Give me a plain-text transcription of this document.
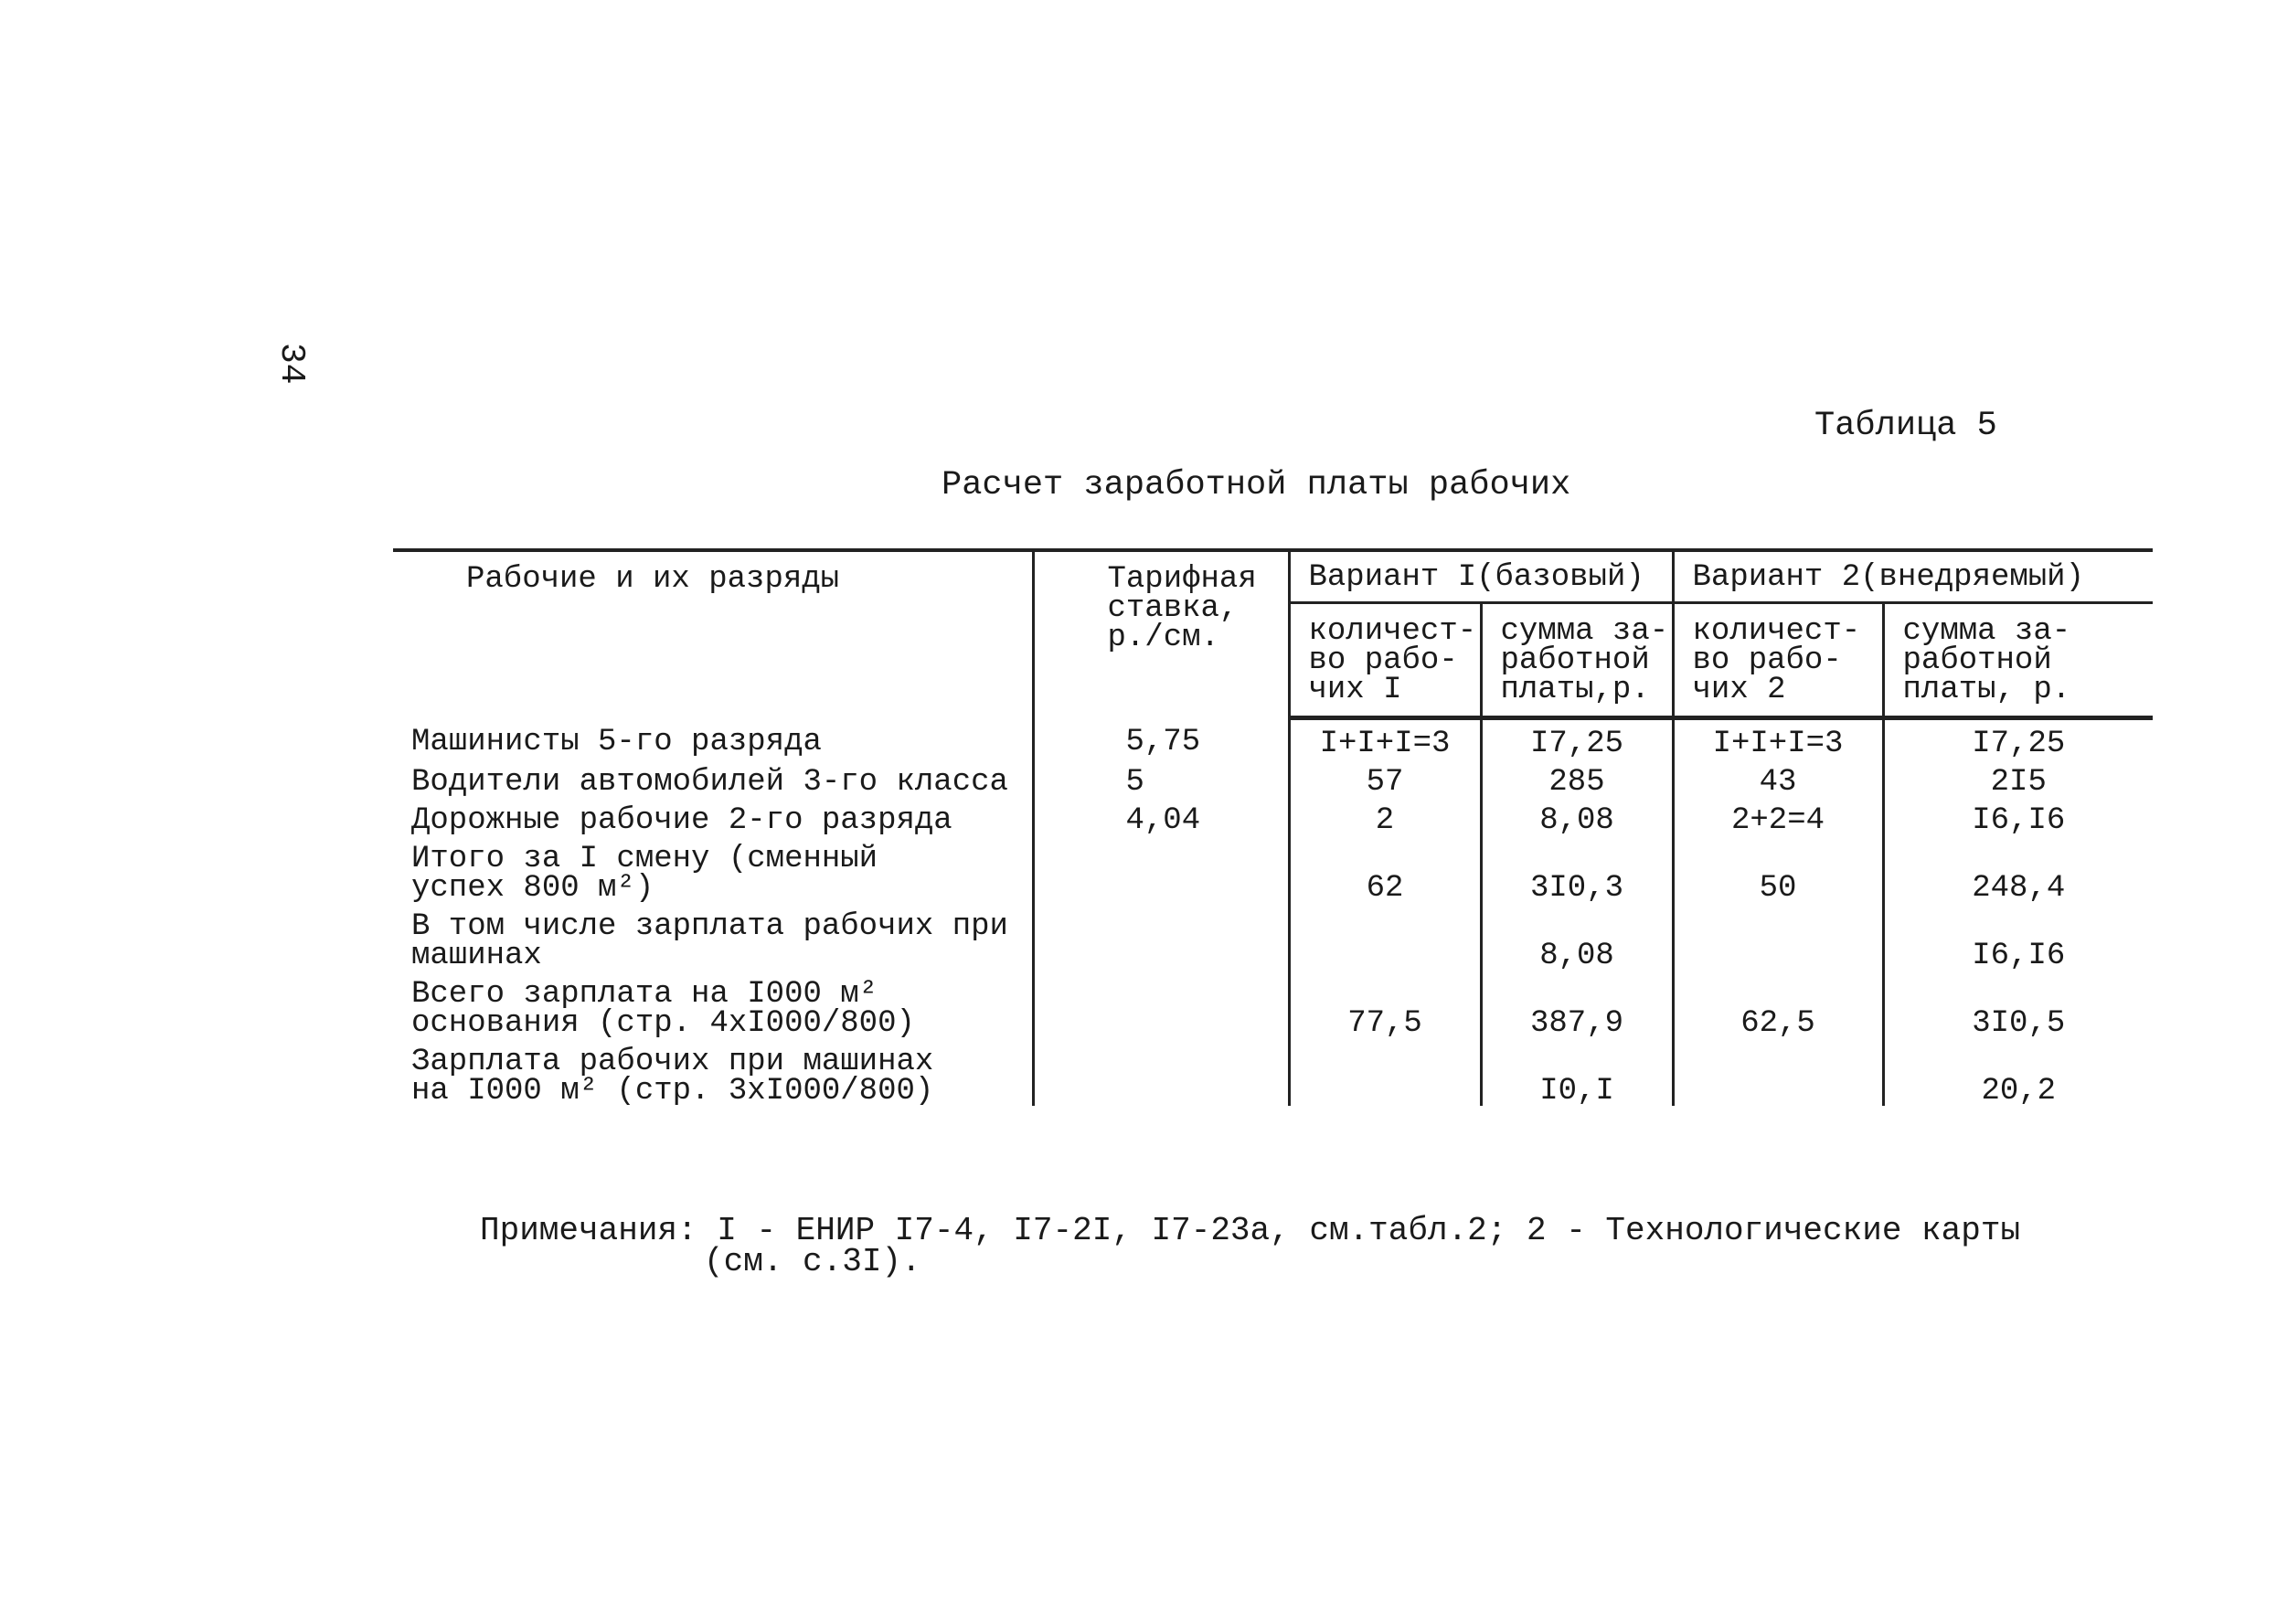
34
Таблица 5
Расчет заработной платы рабочих
Рабочие и их разряды	Тарифная
ставка,
р./см.	Вариант I(базовый)		Вариант 2(внедряемый)	
		количест-
во рабо-
чих I	сумма за-
работной
платы,р.	количест-
во рабо-
чих 2	сумма за-
работной
платы, р.
Машинисты 5-го разряда	5,75	I+I+I=3	I7,25	I+I+I=3	I7,25
Водители автомобилей 3-го класса	5	57	285	43	2I5
Дорожные рабочие 2-го разряда	4,04	2	8,08	2+2=4	I6,I6
Итого за I смену (сменный
успех 800 м²)		62	3I0,3	50	248,4
В том числе зарплата рабочих при
машинах			8,08		I6,I6
Всего зарплата на I000 м²
основания (стр. 4xI000/800)		77,5	387,9	62,5	3I0,5
Зарплата рабочих при машинах
на I000 м² (стр. 3xI000/800)			I0,I		20,2
Примечания: I - ЕНИР I7-4, I7-2I, I7-23а, см.табл.2; 2 - Технологические карты
(см. с.3I).
